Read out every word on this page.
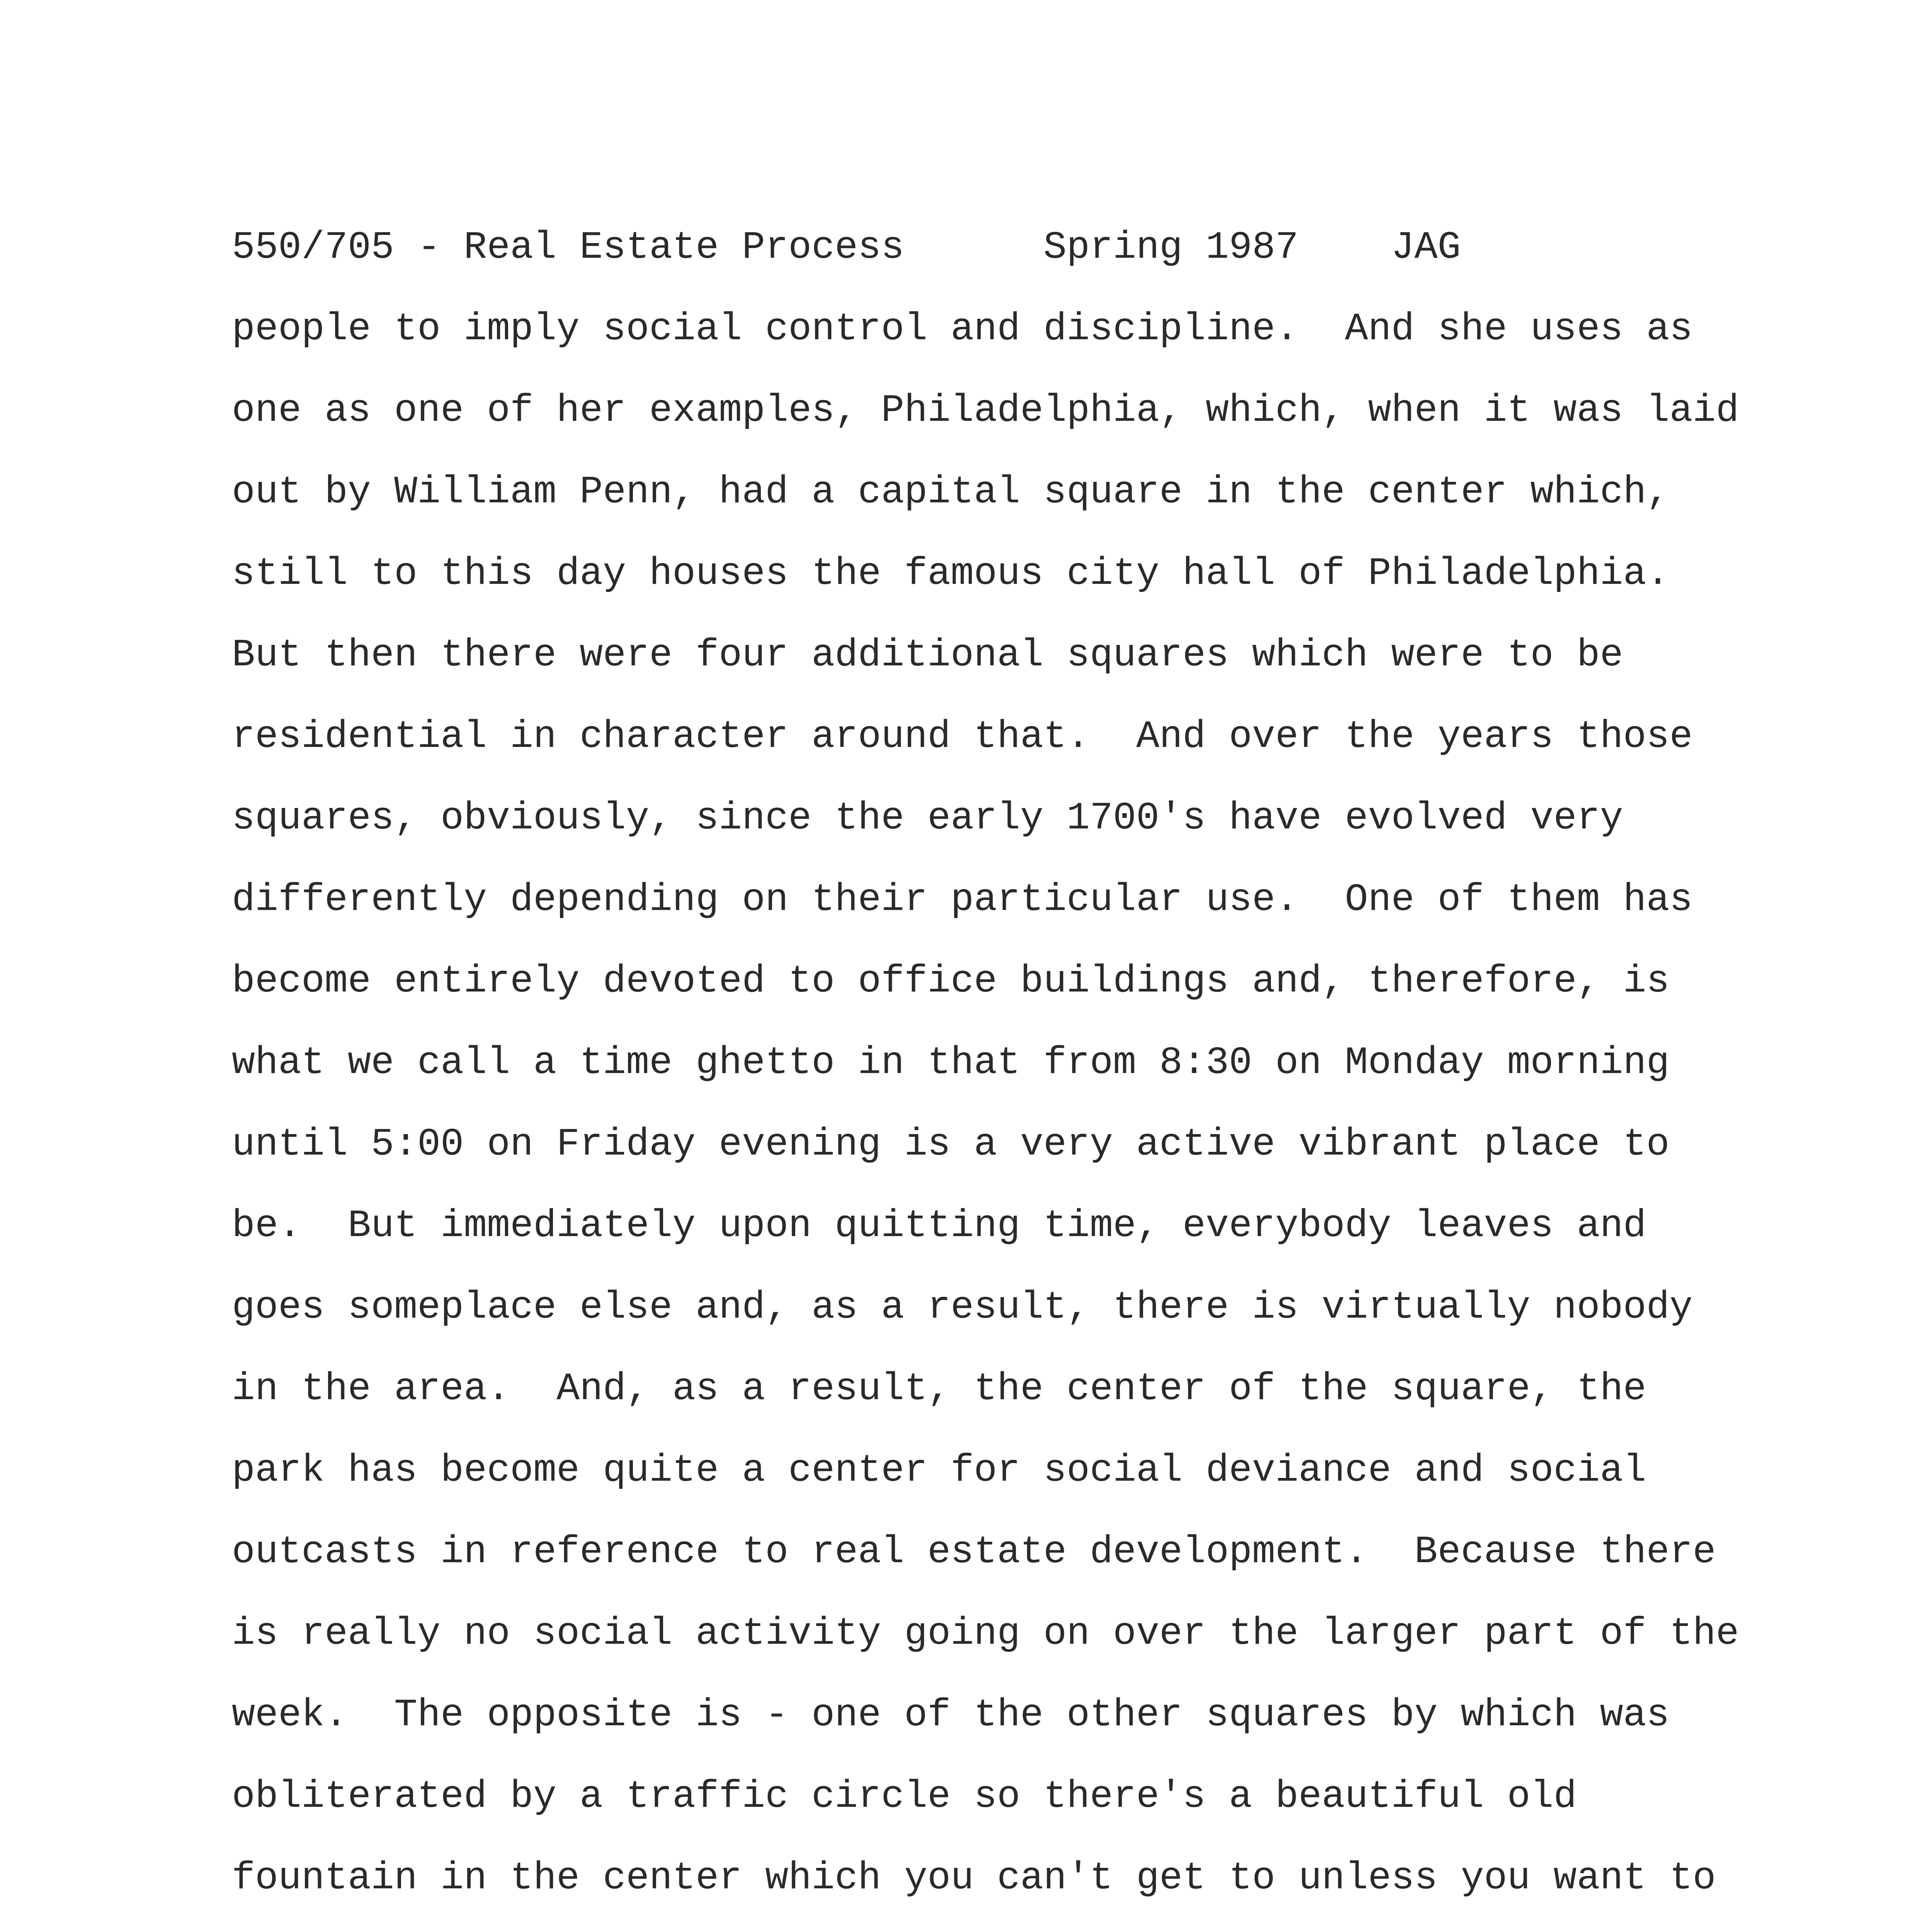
550/705 - Real Estate Process	Spring 1987 JAG
people to imply social control and discipline.  And she uses as
one as one of her examples, Philadelphia, which, when it was laid
out by William Penn, had a capital square in the center which,
still to this day houses the famous city hall of Philadelphia.
But then there were four additional squares which were to be
residential in character around that.  And over the years those
squares, obviously, since the early 1700's have evolved very
differently depending on their particular use.  One of them has
become entirely devoted to office buildings and, therefore, is
what we call a time ghetto in that from 8:30 on Monday morning
until 5:00 on Friday evening is a very active vibrant place to
be.  But immediately upon quitting time, everybody leaves and
goes someplace else and, as a result, there is virtually nobody
in the area.  And, as a result, the center of the square, the
park has become quite a center for social deviance and social
outcasts in reference to real estate development.  Because there
is really no social activity going on over the larger part of the
week.  The opposite is - one of the other squares by which was
obliterated by a traffic circle so there's a beautiful old
fountain in the center which you can't get to unless you want to
